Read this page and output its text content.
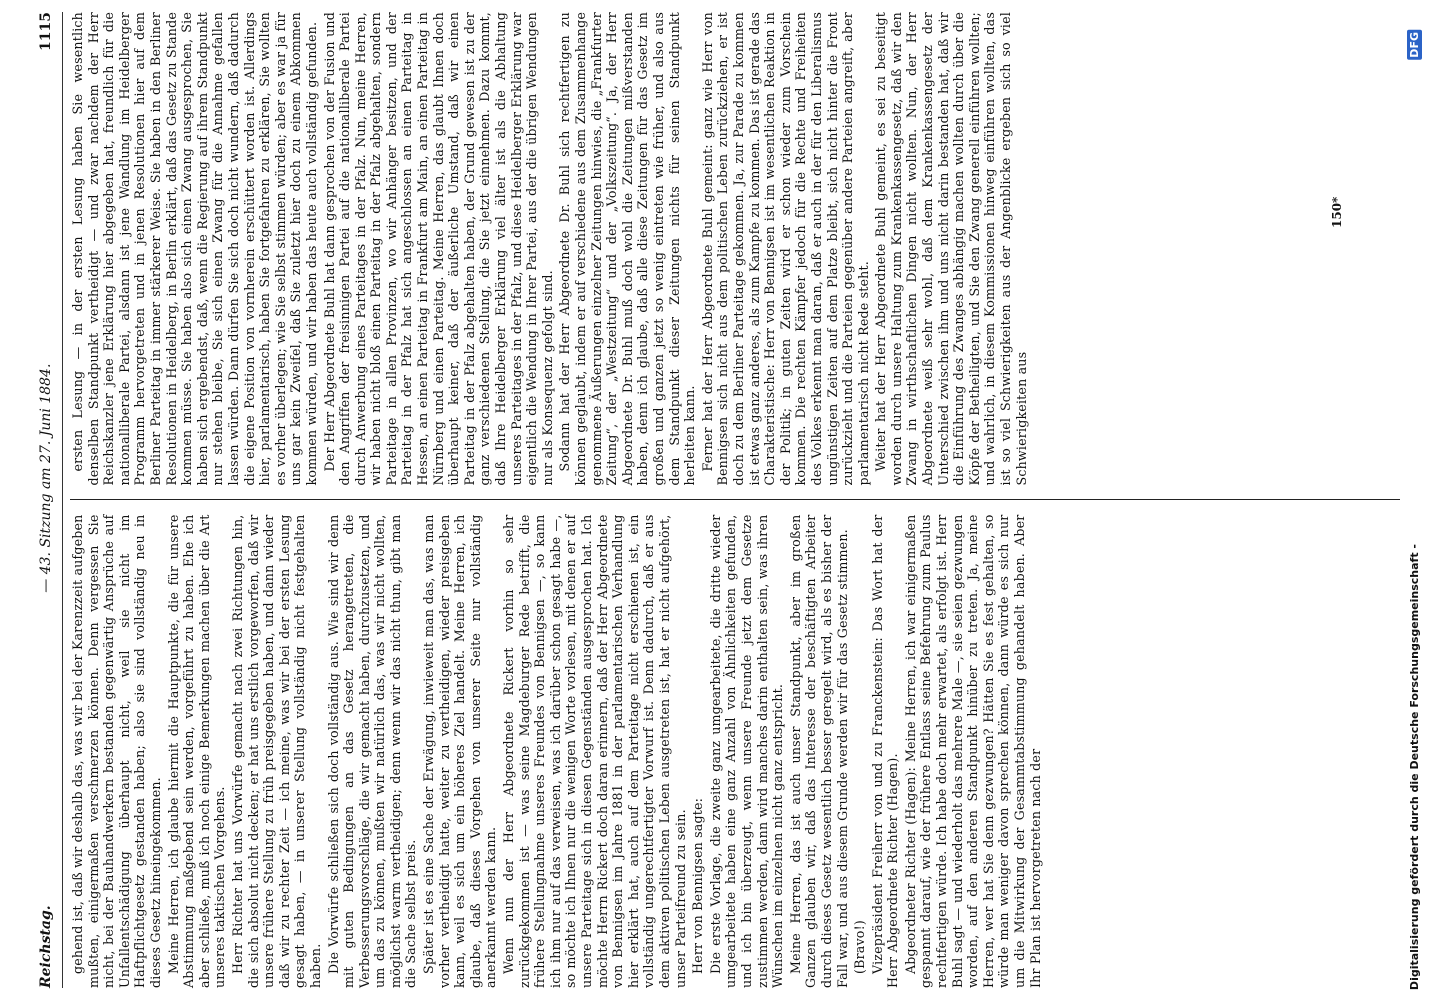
Reichstag.
— 43. Sitzung am 27. Juni 1884.
1115

gehend ist, daß wir deshalb das, was wir bei der Karenzzeit aufgeben mußten, einigermaßen verschmerzen können. Denn vergessen Sie nicht, bei der Bauhandwerkern bestanden gegenwärtig Ansprüche auf Unfallentschädigung überhaupt nicht, weil sie nicht im Haftpflichtgesetz gestanden haben; also sie sind vollständig neu in dieses Gesetz hineingekommen. Meine Herren, ich glaube hiermit die Hauptpunkte, die für unsere Abstimmung maßgebend sein werden, vorgeführt zu haben. Ehe ich aber schließe, muß ich noch einige Bemerkungen machen über die Art unseres taktischen Vorgehens. Herr Richter hat uns Vorwürfe gemacht nach zwei Richtungen hin, die sich absolut nicht decken; er hat uns erstlich vorgeworfen, daß wir unsere frühere Stellung zu früh preisgegeben haben, und dann wieder daß wir zu rechter Zeit — ich meine, was wir bei der ersten Lesung gesagt haben, — in unserer Stellung vollständig nicht festgehalten haben. Die Vorwürfe schließen sich doch vollständig aus. Wie sind wir denn mit guten Bedingungen an das Gesetz herangetreten, die Verbesserungsvorschläge, die wir gemacht haben, durchzusetzen, und um das zu können, mußten wir natürlich das, was wir nicht wollten, möglichst warm vertheidigen; denn wenn wir das nicht thun, gibt man die Sache selbst preis. Später ist es eine Sache der Erwägung, inwieweit man das, was man vorher vertheidigt hatte, weiter zu vertheidigen, wieder preisgeben kann, weil es sich um ein höheres Ziel handelt. Meine Herren, ich glaube, daß dieses Vorgehen von unserer Seite nur vollständig anerkannt werden kann. Wenn nun der Herr Abgeordnete Rickert vorhin so sehr zurückgekommen ist — was seine Magdeburger Rede betrifft, die frühere Stellungnahme unseres Freundes von Bennigsen —, so kann ich ihm nur auf das verweisen, was ich darüber schon gesagt habe —, so möchte ich Ihnen nur die wenigen Worte vorlesen, mit denen er auf unsere Parteitage sich in diesen Gegenständen ausgesprochen hat. Ich möchte Herrn Rickert doch daran erinnern, daß der Herr Abgeordnete von Bennigsen im Jahre 1881 in der parlamentarischen Verhandlung hier erklärt hat, auch auf dem Parteitage nicht erschienen ist, ein vollständig ungerechtfertigter Vorwurf ist. Denn dadurch, daß er aus dem aktiven politischen Leben ausgetreten ist, hat er nicht aufgehört, unser Parteifreund zu sein. Herr von Bennigsen sagte: Die erste Vorlage, die zweite ganz umgearbeitete, die dritte wieder umgearbeitete haben eine ganz Anzahl von Ähnlichkeiten gefunden, und ich bin überzeugt, wenn unsere Freunde jetzt dem Gesetze zustimmen werden, dann wird manches darin enthalten sein, was ihren Wünschen im einzelnen nicht ganz entspricht. Meine Herren, das ist auch unser Standpunkt, aber im großen Ganzen glauben wir, daß das Interesse der beschäftigten Arbeiter durch dieses Gesetz wesentlich besser geregelt wird, als es bisher der Fall war, und aus diesem Grunde werden wir für das Gesetz stimmen. (Bravo!) Vizepräsident Freiherr von und zu Franckenstein: Das Wort hat der Herr Abgeordnete Richter (Hagen). Abgeordneter Richter (Hagen): Meine Herren, ich war einigermaßen gespannt darauf, wie der frühere Entlass seine Befehrung zum Paulus rechtfertigen würde. Ich habe doch mehr erwartet, als erfolgt ist. Herr Buhl sagt — und wiederholt das mehrere Male —, sie seien gezwungen worden, auf den anderen Standpunkt hinüber zu treten. Ja, meine Herren, wer hat Sie denn gezwungen? Hätten Sie es fest gehalten, so würde man weniger davon sprechen können, dann würde es sich nur um die Mitwirkung der Gesammtabstimmung gehandelt haben. Aber Ihr Plan ist hervorgetreten nach der

ersten Lesung — in der ersten Lesung haben Sie wesentlich denselben Standpunkt vertheidigt — und zwar nachdem der Herr Reichskanzler jene Erklärung hier abgegeben hat, freundlich für die nationalliberale Partei, alsdann ist jene Wandlung im Heidelberger Programm hervorgetreten und in jenen Resolutionen hier auf dem Berliner Parteitag in immer stärkerer Weise. Sie haben in den Berliner Resolutionen in Heidelberg, in Berlin erklärt, daß das Gesetz zu Stande kommen müsse. Sie haben also sich einen Zwang ausgesprochen, Sie haben sich ergebendst, daß, wenn die Regierung auf ihrem Standpunkt nur stehen bleibe, Sie sich einen Zwang für die Annahme gefallen lassen würden. Dann dürfen Sie sich doch nicht wundern, daß dadurch die eigene Position von vornherein erschüttert worden ist. Allerdings hier, parlamentarisch, haben Sie fortgefahren zu erklären, Sie wollten es vorher überlegen; wie Sie selbst stimmen würden; aber es war ja für uns gar kein Zweifel, daß Sie zuletzt hier doch zu einem Abkommen kommen würden, und wir haben das heute auch vollständig gefunden. Der Herr Abgeordnete Buhl hat dann gesprochen von der Fusion und den Angriffen der freisinnigen Partei auf die nationalliberale Partei durch Anwerbung eines Parteitages in der Pfalz. Nun, meine Herren, wir haben nicht bloß einen Parteitag in der Pfalz abgehalten, sondern Parteitage in allen Provinzen, wo wir Anhänger besitzen, und der Parteitag in der Pfalz hat sich angeschlossen an einen Parteitag in Hessen, an einen Parteitag in Frankfurt am Main, an einen Parteitag in Nürnberg und einen Parteitag. Meine Herren, das glaubt Ihnen doch überhaupt keiner, daß der äußerliche Umstand, daß wir einen Parteitag in der Pfalz abgehalten haben, der Grund gewesen ist zu der ganz verschiedenen Stellung, die Sie jetzt einnehmen. Dazu kommt, daß Ihre Heidelberger Erklärung viel älter ist als die Abhaltung unseres Parteitages in der Pfalz, und diese Heidelberger Erklärung war eigentlich die Wendung in Ihrer Partei, aus der die übrigen Wendungen nur als Konsequenz gefolgt sind. Sodann hat der Herr Abgeordnete Dr. Buhl sich rechtfertigen zu können geglaubt, indem er auf verschiedene aus dem Zusammenhange genommene Äußerungen einzelner Zeitungen hinwies, die „Frankfurter Zeitung“, der „Westzeitung“ und der „Volkszeitung“. Ja, der Herr Abgeordnete Dr. Buhl muß doch wohl die Zeitungen mißverstanden haben, denn ich glaube, daß alle diese Zeitungen für das Gesetz im großen und ganzen jetzt so wenig eintreten wie früher, und also aus dem Standpunkt dieser Zeitungen nichts für seinen Standpunkt herleiten kann. Ferner hat der Herr Abgeordnete Buhl gemeint: ganz wie Herr von Bennigsen sich nicht aus dem politischen Leben zurückziehen, er ist doch zu dem Berliner Parteitage gekommen. Ja, zur Parade zu kommen ist etwas ganz anderes, als zum Kampfe zu kommen. Das ist gerade das Charakteristische: Herr von Bennigsen ist im wesentlichen Reaktion in der Politik; in guten Zeiten wird er schon wieder zum Vorschein kommen. Die rechten Kämpfer jedoch für die Rechte und Freiheiten des Volkes erkennt man daran, daß er auch in der für den Liberalismus ungünstigen Zeiten auf dem Platze bleibt, sich nicht hinter die Front zurückzieht und die Parteien gegenüber andere Parteien angreift, aber parlamentarisch nicht Rede steht. Weiter hat der Herr Abgeordnete Buhl gemeint, es sei zu beseitigt worden durch unsere Haltung zum Krankenkassengesetz, daß wir den Zwang in wirthschaftlichen Dingen nicht wollten. Nun, der Herr Abgeordnete weiß sehr wohl, daß dem Krankenkassengesetz der Unterschied zwischen ihm und uns nicht darin bestanden hat, daß wir die Einführung des Zwanges abhängig machen wollten durch über die Köpfe der Betheiligten, und Sie den Zwang generell einführen wollten; und wahrlich, in diesem Kommissionen hinweg einführen wollten, das ist so viel Schwierigkeiten aus der Angenblicke ergeben sich so viel Schwierigkeiten aus

150*
DFG
Digitalisierung gefördert durch die Deutsche Forschungsgemeinschaft -
